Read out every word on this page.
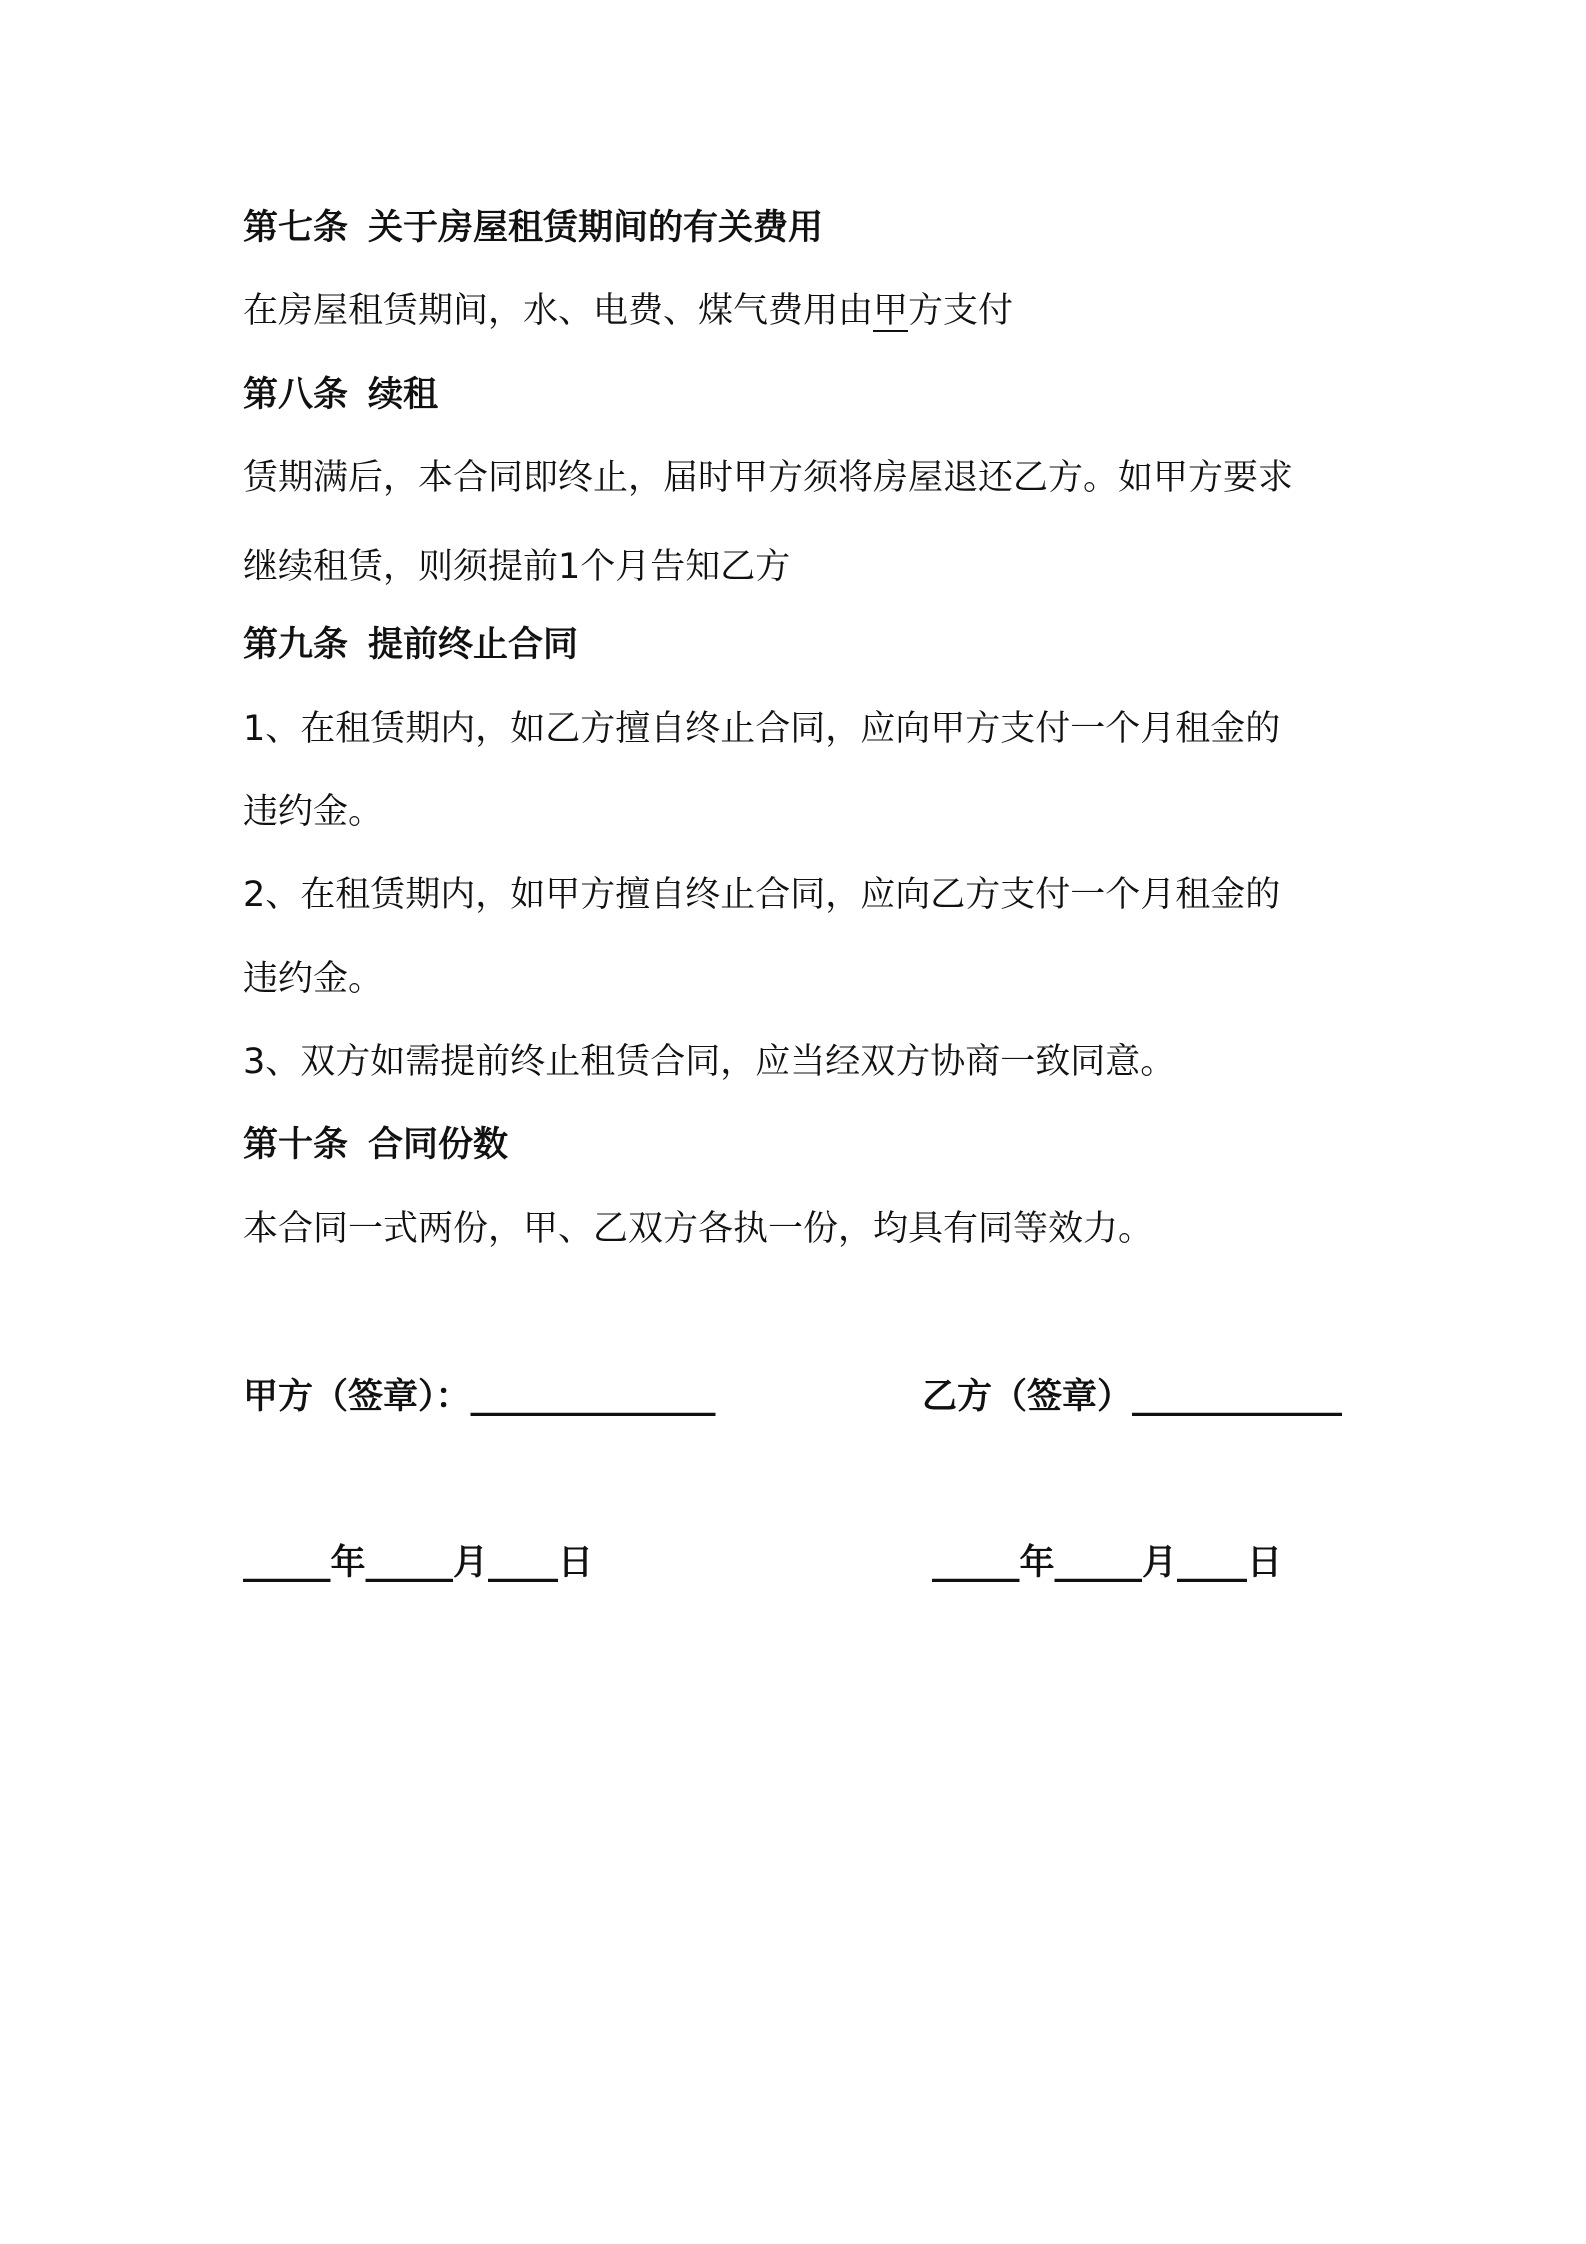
第七条 关于房屋租赁期间的有关费用
在房屋租赁期间，水、电费、煤气费用由甲方支付
第八条 续租
赁期满后，本合同即终止，届时甲方须将房屋退还乙方。如甲方要求
继续租赁，则须提前1个月告知乙方
第九条 提前终止合同
1、在租赁期内，如乙方擅自终止合同，应向甲方支付一个月租金的
违约金。
2、在租赁期内，如甲方擅自终止合同，应向乙方支付一个月租金的
违约金。
3、双方如需提前终止租赁合同，应当经双方协商一致同意。
第十条 合同份数
本合同一式两份，甲、乙双方各执一份，均具有同等效力。
甲方（签章）：______________	乙方（签章）____________
_____年_____月____日	_____年_____月____日
